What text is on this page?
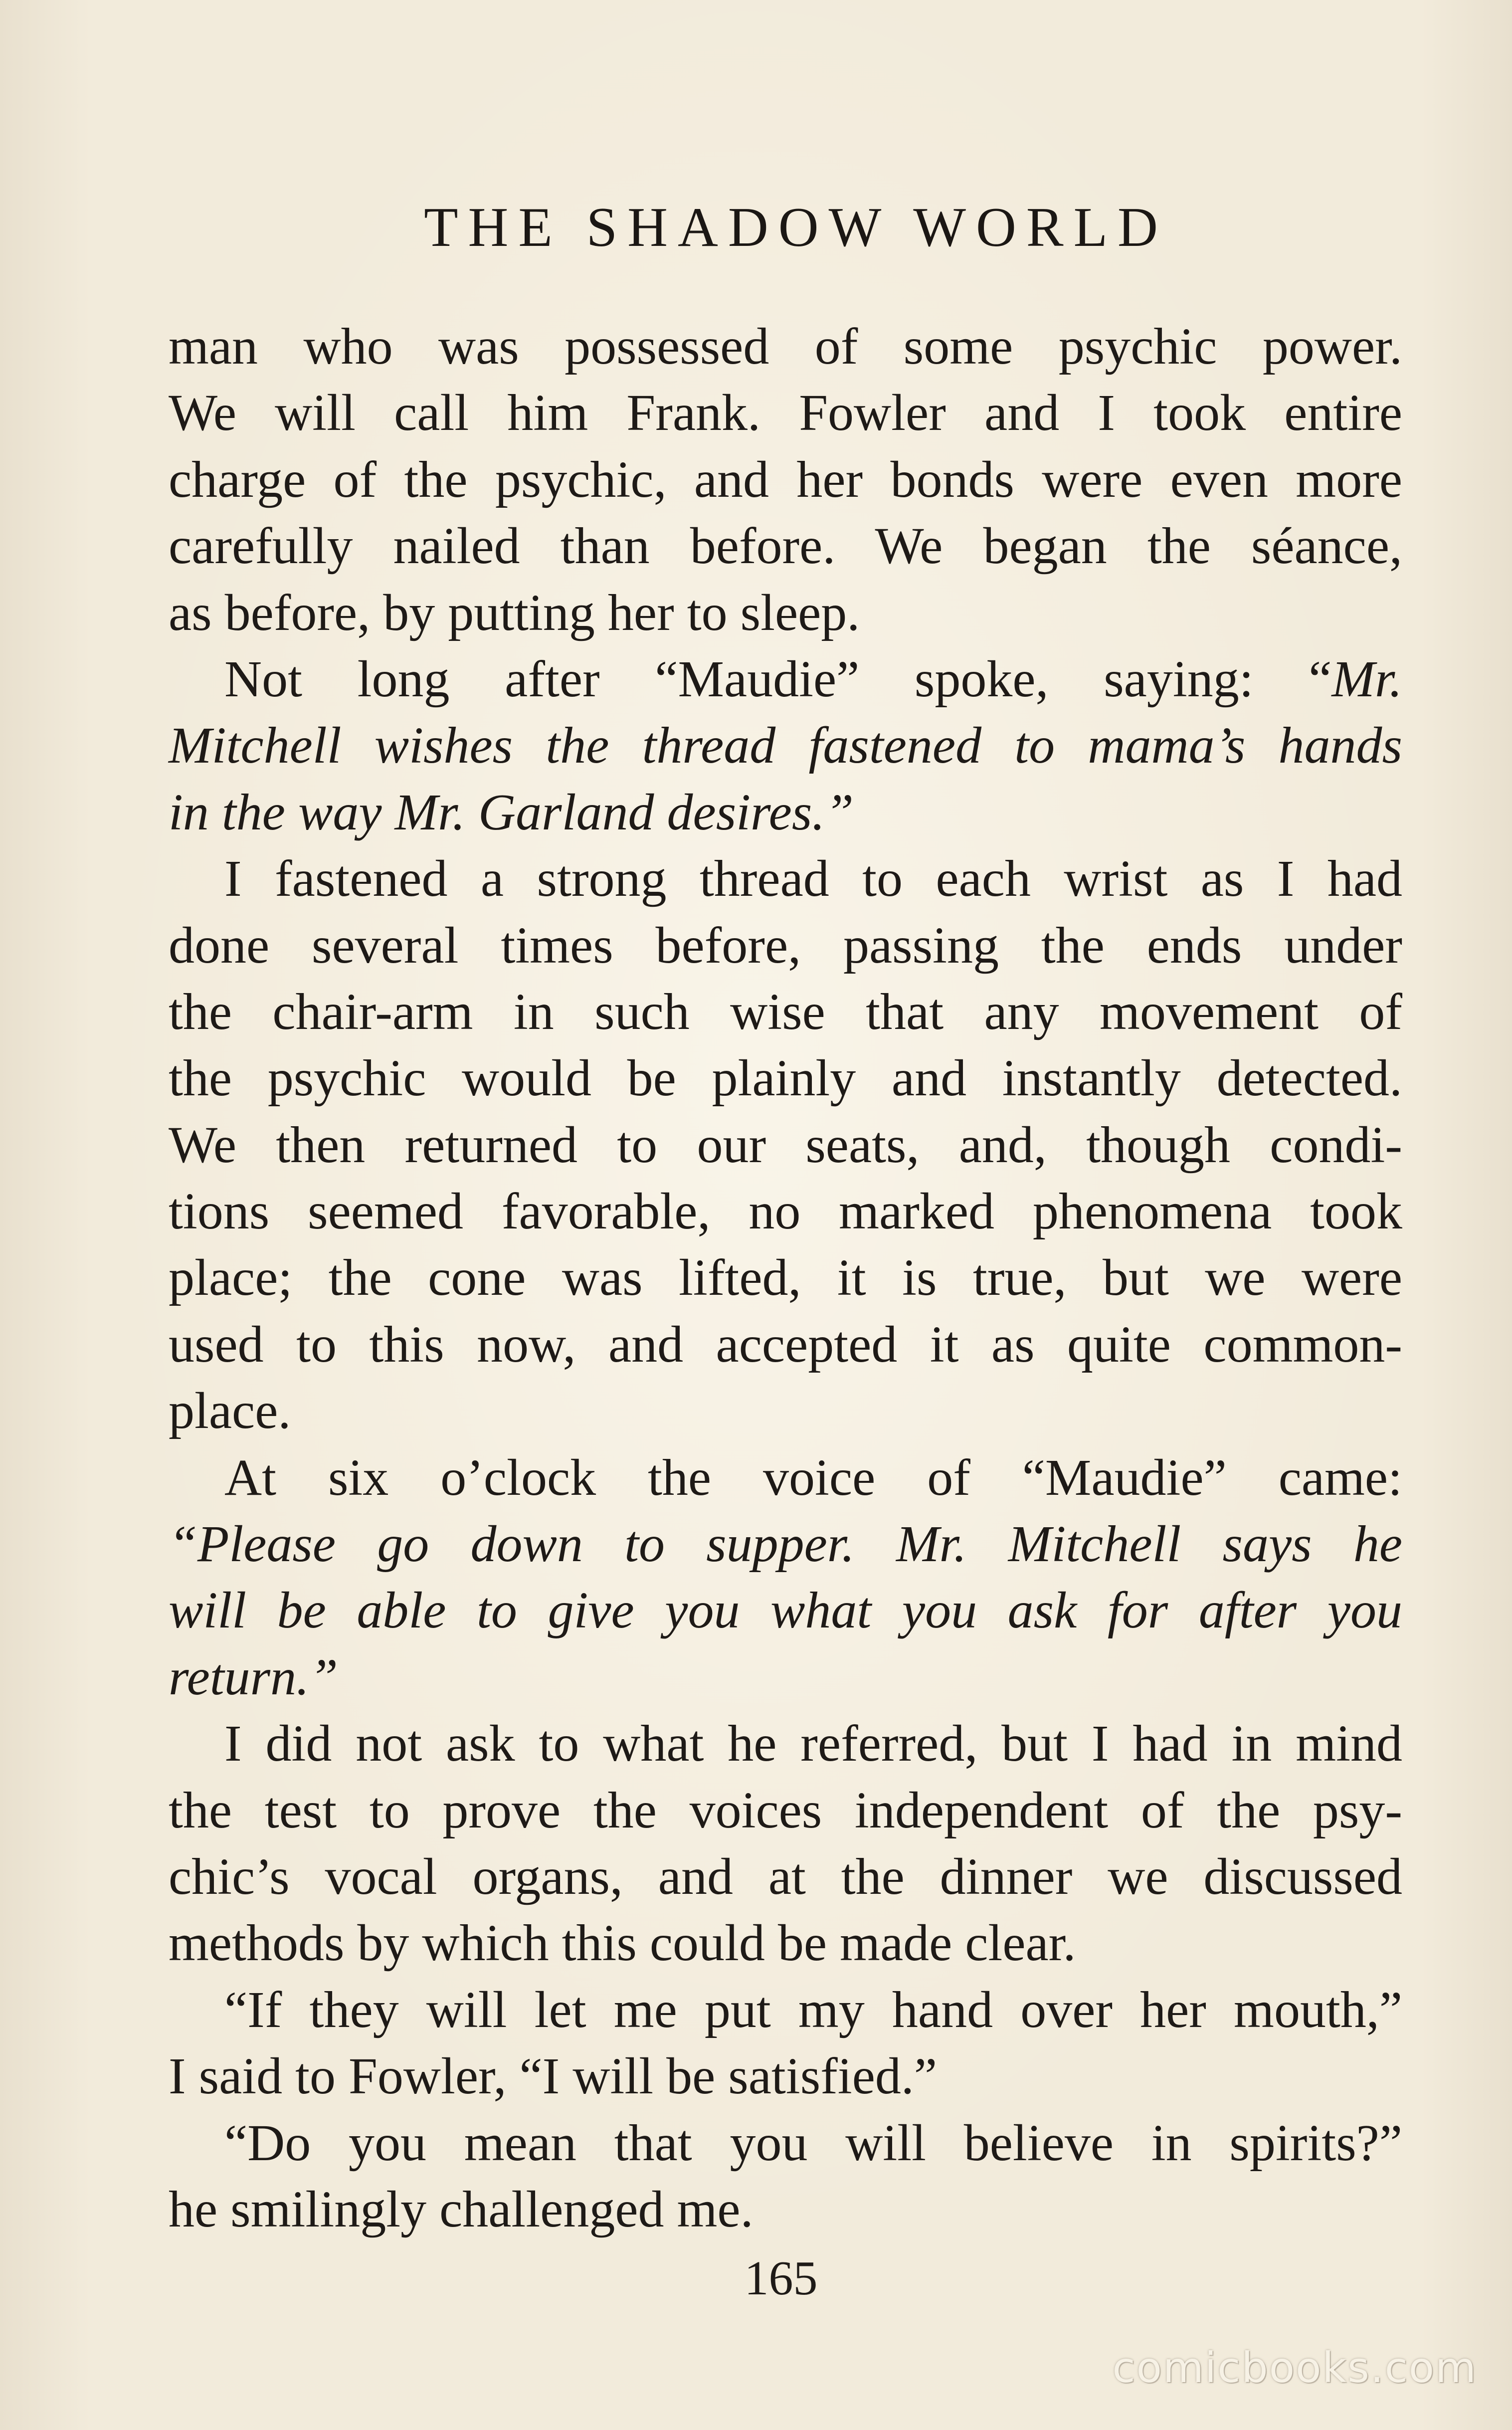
THE SHADOW WORLD
man who was possessed of some psychic power.
We will call him Frank. Fowler and I took entire
charge of the psychic, and her bonds were even more
carefully nailed than before. We began the séance,
as before, by putting her to sleep.
Not long after “Maudie” spoke, saying: “Mr.
Mitchell wishes the thread fastened to mama’s hands
in the way Mr. Garland desires.”
I fastened a strong thread to each wrist as I had
done several times before, passing the ends under
the chair-arm in such wise that any movement of
the psychic would be plainly and instantly detected.
We then returned to our seats, and, though condi-
tions seemed favorable, no marked phenomena took
place; the cone was lifted, it is true, but we were
used to this now, and accepted it as quite common-
place.
At six o’clock the voice of “Maudie” came:
“Please go down to supper. Mr. Mitchell says he
will be able to give you what you ask for after you
return.”
I did not ask to what he referred, but I had in mind
the test to prove the voices independent of the psy-
chic’s vocal organs, and at the dinner we discussed
methods by which this could be made clear.
“If they will let me put my hand over her mouth,”
I said to Fowler, “I will be satisfied.”
“Do you mean that you will believe in spirits?”
he smilingly challenged me.
165
comicbooks.com
